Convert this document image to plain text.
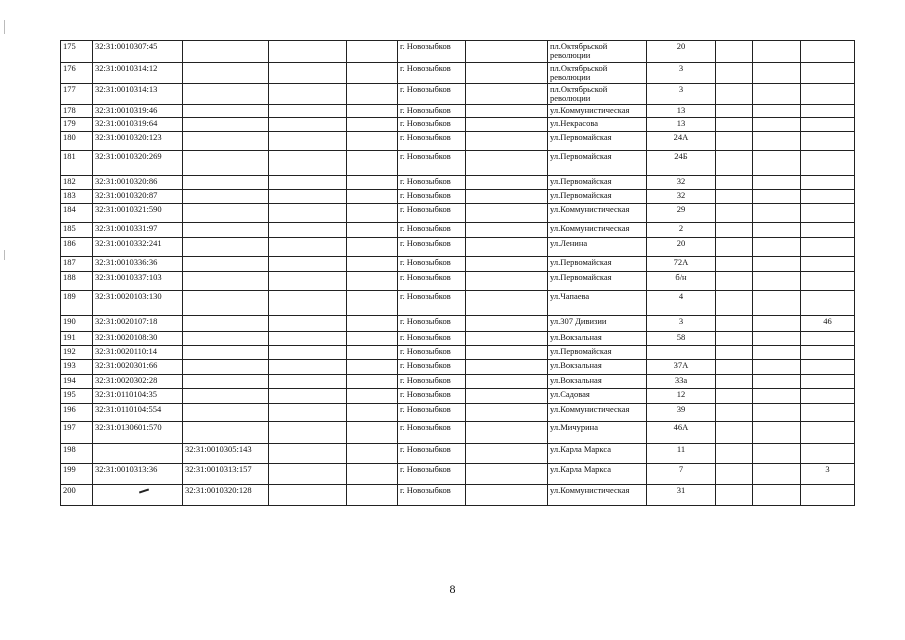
175	32:31:0010307:45				г. Новозыбков		пл.Октябрьской революции	20			
176	32:31:0010314:12				г. Новозыбков		пл.Октябрьской революции	3			
177	32:31:0010314:13				г. Новозыбков		пл.Октябрьской революции	3			
178	32:31:0010319:46				г. Новозыбков		ул.Коммунистическая	13			
179	32:31:0010319:64				г. Новозыбков		ул.Некрасова	13			
180	32:31:0010320:123				г. Новозыбков		ул.Первомайская	24А			
181	32:31:0010320:269				г. Новозыбков		ул.Первомайская	24Б			
182	32:31:0010320:86				г. Новозыбков		ул.Первомайская	32			
183	32:31:0010320:87				г. Новозыбков		ул.Первомайская	32			
184	32:31:0010321:590				г. Новозыбков		ул.Коммунистическая	29			
185	32:31:0010331:97				г. Новозыбков		ул.Коммунистическая	2			
186	32:31:0010332:241				г. Новозыбков		ул.Ленина	20			
187	32:31:0010336:36				г. Новозыбков		ул.Первомайская	72А			
188	32:31:0010337:103				г. Новозыбков		ул.Первомайская	б/н			
189	32:31:0020103:130				г. Новозыбков		ул.Чапаева	4			
190	32:31:0020107:18				г. Новозыбков		ул.307 Дивизии	3			46
191	32:31:0020108:30				г. Новозыбков		ул.Вокзальная	58			
192	32:31:0020110:14				г. Новозыбков		ул.Первомайская				
193	32:31:0020301:66				г. Новозыбков		ул.Вокзальная	37А			
194	32:31:0020302:28				г. Новозыбков		ул.Вокзальная	33а			
195	32:31:0110104:35				г. Новозыбков		ул.Садовая	12			
196	32:31:0110104:554				г. Новозыбков		ул.Коммунистическая	39			
197	32:31:0130601:570				г. Новозыбков		ул.Мичурина	46А			
198		32:31:0010305:143			г. Новозыбков		ул.Карла Маркса	11			
199	32:31:0010313:36	32:31:0010313:157			г. Новозыбков		ул.Карла Маркса	7			3
200		32:31:0010320:128			г. Новозыбков		ул.Коммунистическая	31			
8
